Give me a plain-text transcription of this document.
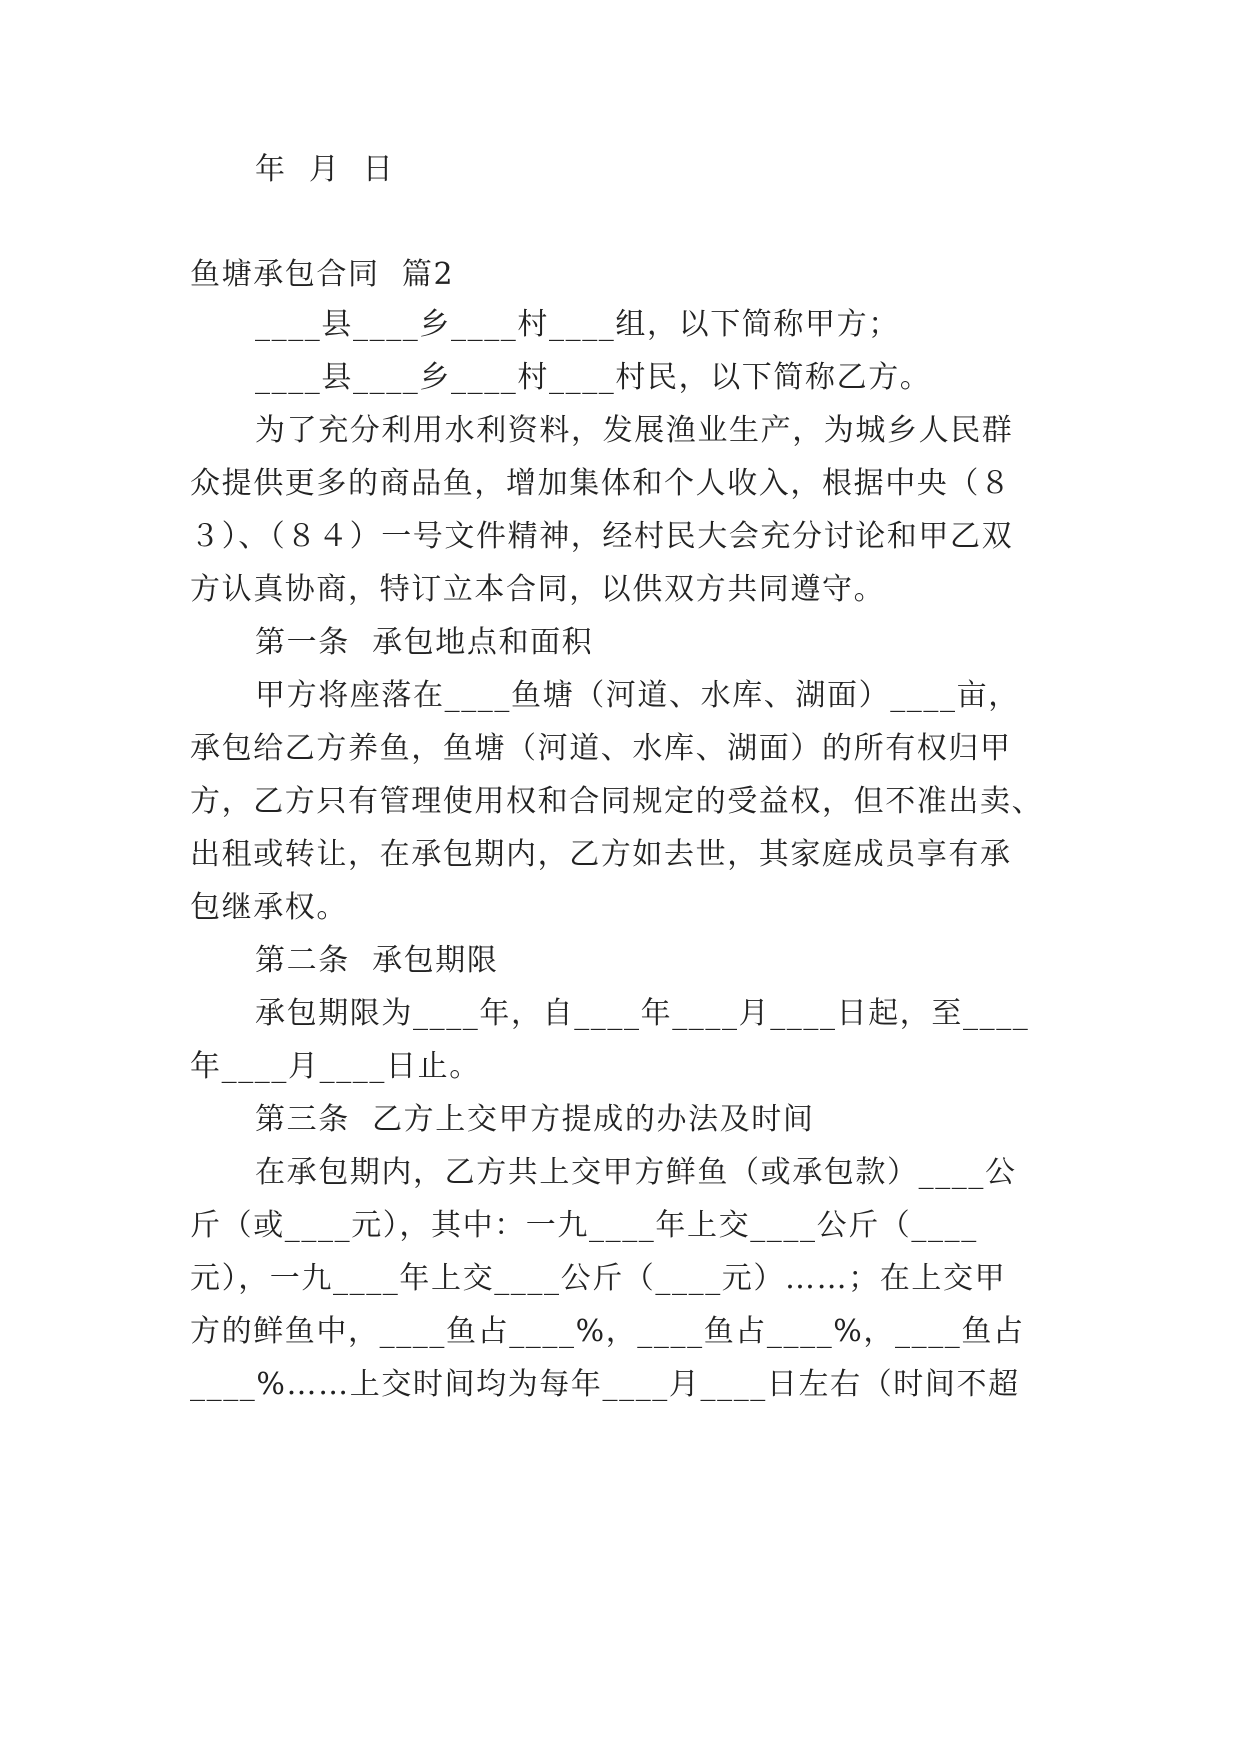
年  月  日
鱼塘承包合同  篇2
____县____乡____村____组，以下简称甲方；
____县____乡____村____村民，以下简称乙方。
为了充分利用水利资料，发展渔业生产，为城乡人民群
众提供更多的商品鱼，增加集体和个人收入，根据中央（８
３）、（８４）一号文件精神，经村民大会充分讨论和甲乙双
方认真协商，特订立本合同，以供双方共同遵守。
第一条  承包地点和面积
甲方将座落在____鱼塘（河道、水库、湖面）____亩，
承包给乙方养鱼，鱼塘（河道、水库、湖面）的所有权归甲
方，乙方只有管理使用权和合同规定的受益权，但不准出卖、
出租或转让，在承包期内，乙方如去世，其家庭成员享有承
包继承权。
第二条  承包期限
承包期限为____年，自____年____月____日起，至____
年____月____日止。
第三条  乙方上交甲方提成的办法及时间
在承包期内，乙方共上交甲方鲜鱼（或承包款）____公
斤（或____元），其中：一九____年上交____公斤（____
元），一九____年上交____公斤（____元）……；在上交甲
方的鲜鱼中，____鱼占____%，____鱼占____%，____鱼占
____%……上交时间均为每年____月____日左右（时间不超
